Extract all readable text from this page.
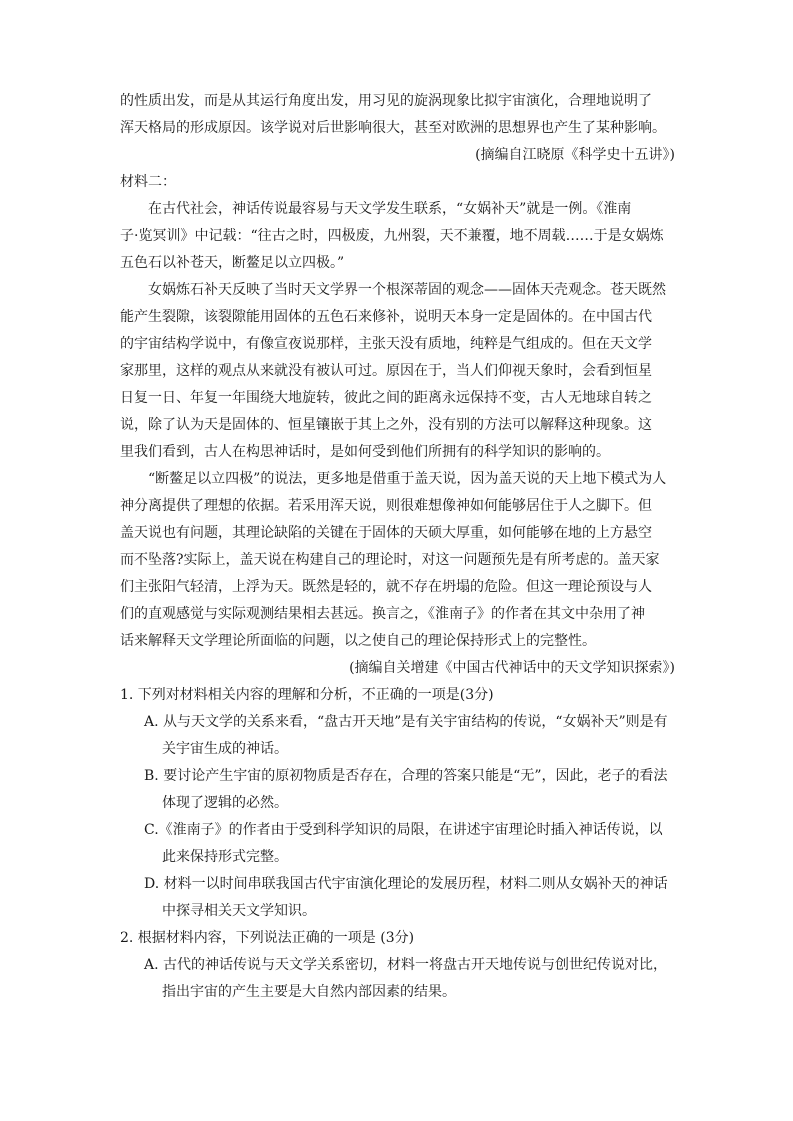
的性质出发，而是从其运行角度出发，用习见的旋涡现象比拟宇宙演化，合理地说明了
浑天格局的形成原因。该学说对后世影响很大，甚至对欧洲的思想界也产生了某种影响。
(摘编自江晓原《科学史十五讲》)
材料二：
在古代社会，神话传说最容易与天文学发生联系，“女娲补天”就是一例。《淮南
子·览冥训》中记载：“往古之时，四极废，九州裂，天不兼覆，地不周载……于是女娲炼
五色石以补苍天，断鳌足以立四极。”
女娲炼石补天反映了当时天文学界一个根深蒂固的观念——固体天壳观念。苍天既然
能产生裂隙，该裂隙能用固体的五色石来修补，说明天本身一定是固体的。在中国古代
的宇宙结构学说中，有像宣夜说那样，主张天没有质地，纯粹是气组成的。但在天文学
家那里，这样的观点从来就没有被认可过。原因在于，当人们仰视天象时，会看到恒星
日复一日、年复一年围绕大地旋转，彼此之间的距离永远保持不变，古人无地球自转之
说，除了认为天是固体的、恒星镶嵌于其上之外，没有别的方法可以解释这种现象。这
里我们看到，古人在构思神话时，是如何受到他们所拥有的科学知识的影响的。
“断鳌足以立四极”的说法，更多地是借重于盖天说，因为盖天说的天上地下模式为人
神分离提供了理想的依据。若采用浑天说，则很难想像神如何能够居住于人之脚下。但
盖天说也有问题，其理论缺陷的关键在于固体的天硕大厚重，如何能够在地的上方悬空
而不坠落?实际上，盖天说在构建自己的理论时，对这一问题预先是有所考虑的。盖天家
们主张阳气轻清，上浮为天。既然是轻的，就不存在坍塌的危险。但这一理论预设与人
们的直观感觉与实际观测结果相去甚远。换言之，《淮南子》的作者在其文中杂用了神
话来解释天文学理论所面临的问题，以之使自己的理论保持形式上的完整性。
(摘编自关增建《中国古代神话中的天文学知识探索》)
1. 下列对材料相关内容的理解和分析，不正确的一项是(3分)
A. 从与天文学的关系来看，“盘古开天地”是有关宇宙结构的传说，“女娲补天”则是有
关宇宙生成的神话。
B. 要讨论产生宇宙的原初物质是否存在，合理的答案只能是“无”，因此，老子的看法
体现了逻辑的必然。
C.《淮南子》的作者由于受到科学知识的局限，在讲述宇宙理论时插入神话传说，以
此来保持形式完整。
D. 材料一以时间串联我国古代宇宙演化理论的发展历程，材料二则从女娲补天的神话
中探寻相关天文学知识。
2. 根据材料内容，下列说法正确的一项是 (3分)
A. 古代的神话传说与天文学关系密切，材料一将盘古开天地传说与创世纪传说对比，
指出宇宙的产生主要是大自然内部因素的结果。
